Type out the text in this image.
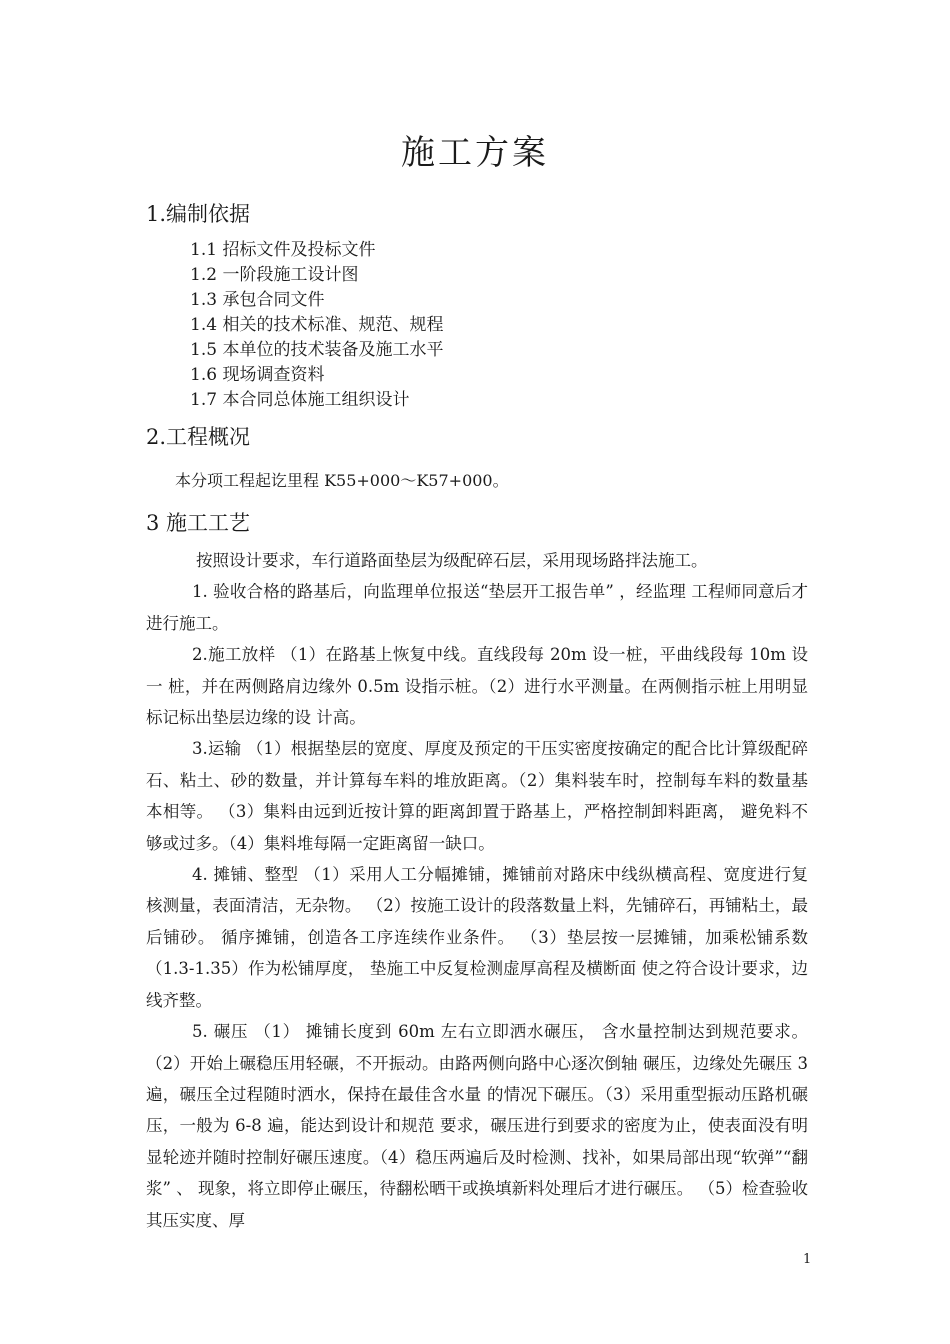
施工方案
1.编制依据
1.1 招标文件及投标文件
1.2 一阶段施工设计图
1.3 承包合同文件
1.4 相关的技术标准、规范、规程
1.5 本单位的技术装备及施工水平
1.6 现场调查资料
1.7 本合同总体施工组织设计
2.工程概况
本分项工程起讫里程 K55+000～K57+000。
3 施工工艺

按照设计要求，车行道路面垫层为级配碎石层，采用现场路拌法施工。

1. 验收合格的路基后，向监理单位报送“垫层开工报告单” ，经监理 工程师同意后才进行施工。

2.施工放样 （1）在路基上恢复中线。直线段每 20m 设一桩，平曲线段每 10m 设一 桩，并在两侧路肩边缘外 0.5m 设指示桩。（2）进行水平测量。在两侧指示桩上用明显标记标出垫层边缘的设 计高。

3.运输 （1）根据垫层的宽度、厚度及预定的干压实密度按确定的配合比计算级配碎石、粘土、砂的数量，并计算每车料的堆放距离。（2）集料装车时，控制每车料的数量基本相等。 （3）集料由远到近按计算的距离卸置于路基上，严格控制卸料距离， 避免料不够或过多。（4）集料堆每隔一定距离留一缺口。

4. 摊铺、整型 （1）采用人工分幅摊铺，摊铺前对路床中线纵横高程、宽度进行复 核测量，表面清洁，无杂物。 （2）按施工设计的段落数量上料，先铺碎石，再铺粘土，最后铺砂。 循序摊铺，创造各工序连续作业条件。 （3）垫层按一层摊铺，加乘松铺系数（1.3-1.35）作为松铺厚度， 垫施工中反复检测虚厚高程及横断面 使之符合设计要求，边线齐整。

5. 碾压 （1） 摊铺长度到 60m 左右立即洒水碾压， 含水量控制达到规范要求。（2）开始上碾稳压用轻碾，不开振动。由路两侧向路中心逐次倒轴 碾压，边缘处先碾压 3 遍，碾压全过程随时洒水，保持在最佳含水量 的情况下碾压。（3）采用重型振动压路机碾压，一般为 6-8 遍，能达到设计和规范 要求，碾压进行到要求的密度为止，使表面没有明显轮迹并随时控制好碾压速度。（4）稳压两遍后及时检测、找补，如果局部出现“软弹”“翻浆” 、 现象，将立即停止碾压，待翻松晒干或换填新料处理后才进行碾压。 （5）检查验收其压实度、厚

1
